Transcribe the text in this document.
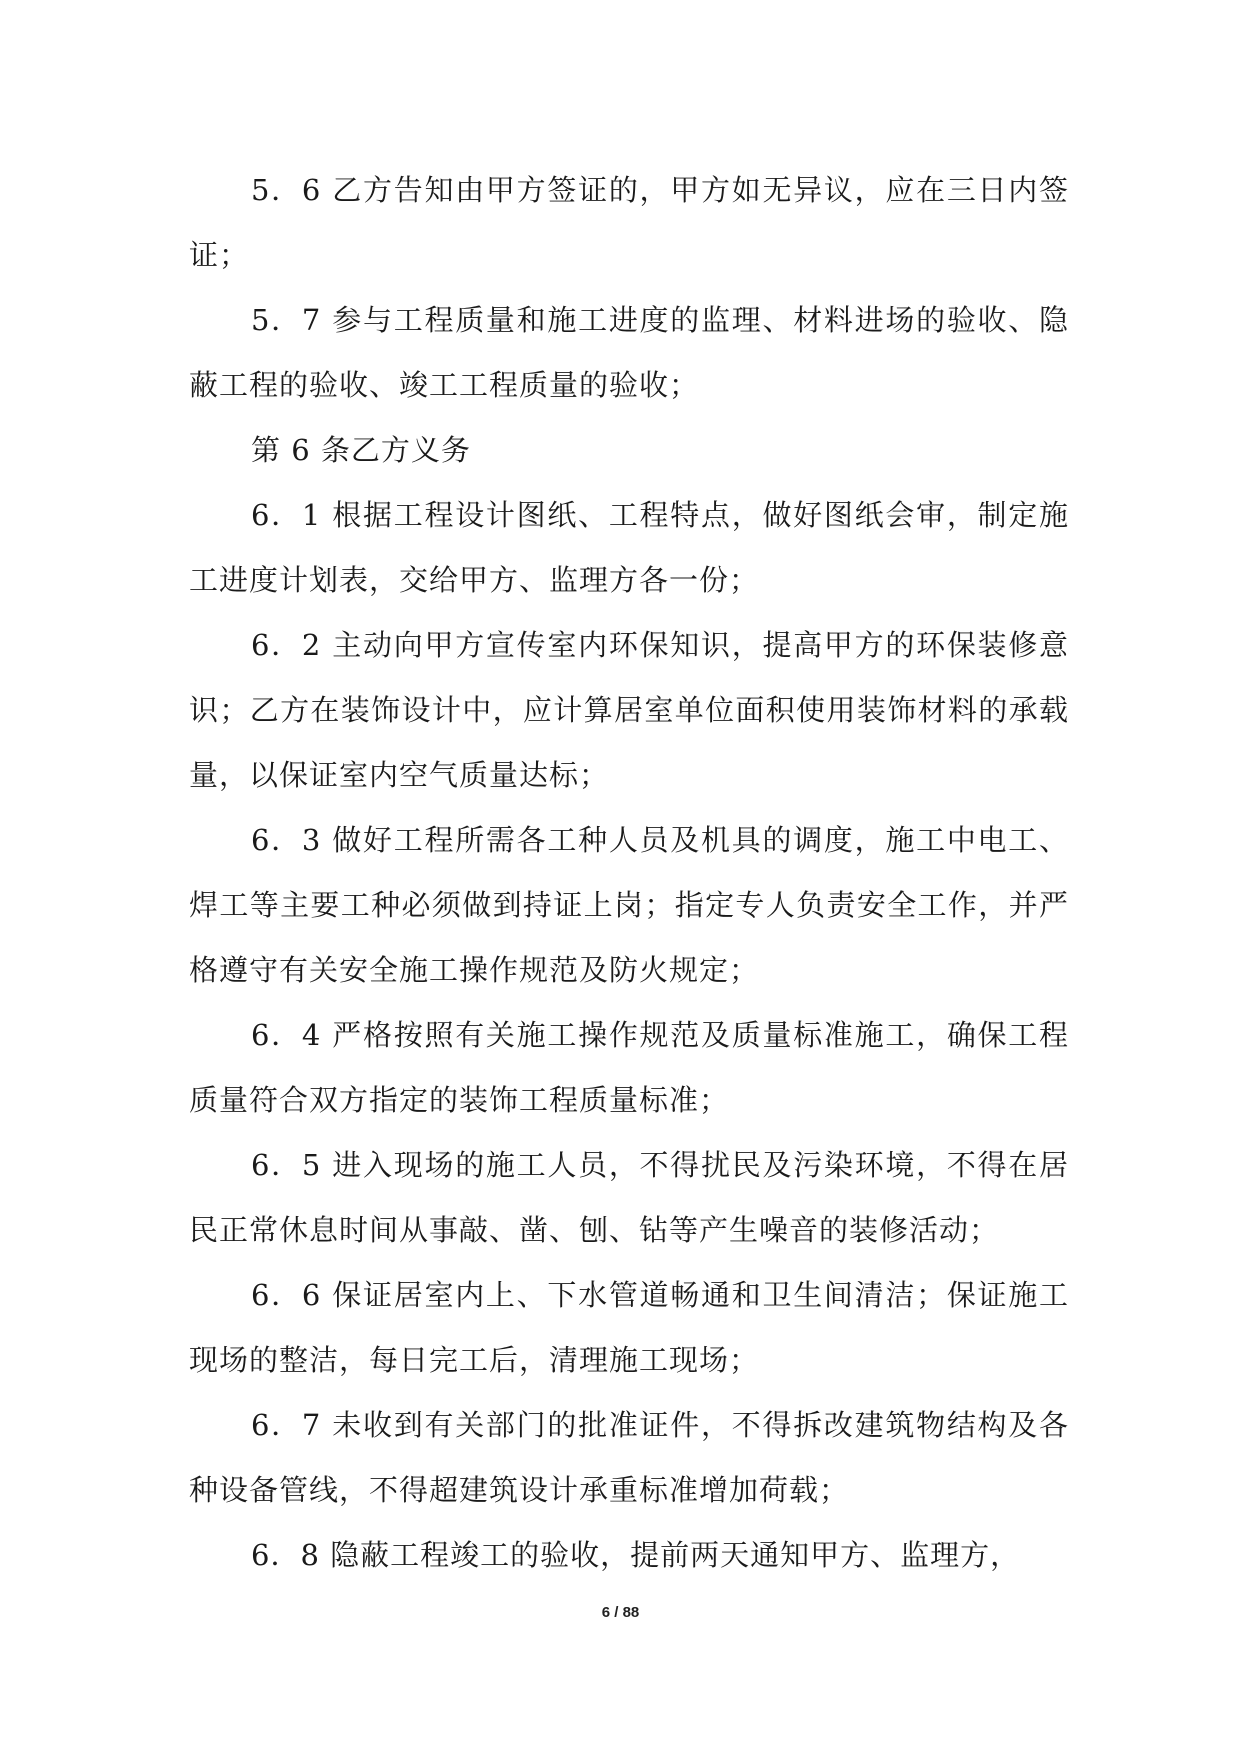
5．6 乙方告知由甲方签证的，甲方如无异议，应在三日内签证；

5．7 参与工程质量和施工进度的监理、材料进场的验收、隐蔽工程的验收、竣工工程质量的验收；

第 6 条乙方义务

6．1 根据工程设计图纸、工程特点，做好图纸会审，制定施工进度计划表，交给甲方、监理方各一份；

6．2 主动向甲方宣传室内环保知识，提高甲方的环保装修意识；乙方在装饰设计中，应计算居室单位面积使用装饰材料的承载量，以保证室内空气质量达标；

6．3 做好工程所需各工种人员及机具的调度，施工中电工、焊工等主要工种必须做到持证上岗；指定专人负责安全工作，并严格遵守有关安全施工操作规范及防火规定；

6．4 严格按照有关施工操作规范及质量标准施工，确保工程质量符合双方指定的装饰工程质量标准；

6．5 进入现场的施工人员，不得扰民及污染环境，不得在居民正常休息时间从事敲、凿、刨、钻等产生噪音的装修活动；

6．6 保证居室内上、下水管道畅通和卫生间清洁；保证施工现场的整洁，每日完工后，清理施工现场；

6．7 未收到有关部门的批准证件，不得拆改建筑物结构及各种设备管线，不得超建筑设计承重标准增加荷载；

6．8 隐蔽工程竣工的验收，提前两天通知甲方、监理方，

6 / 88
